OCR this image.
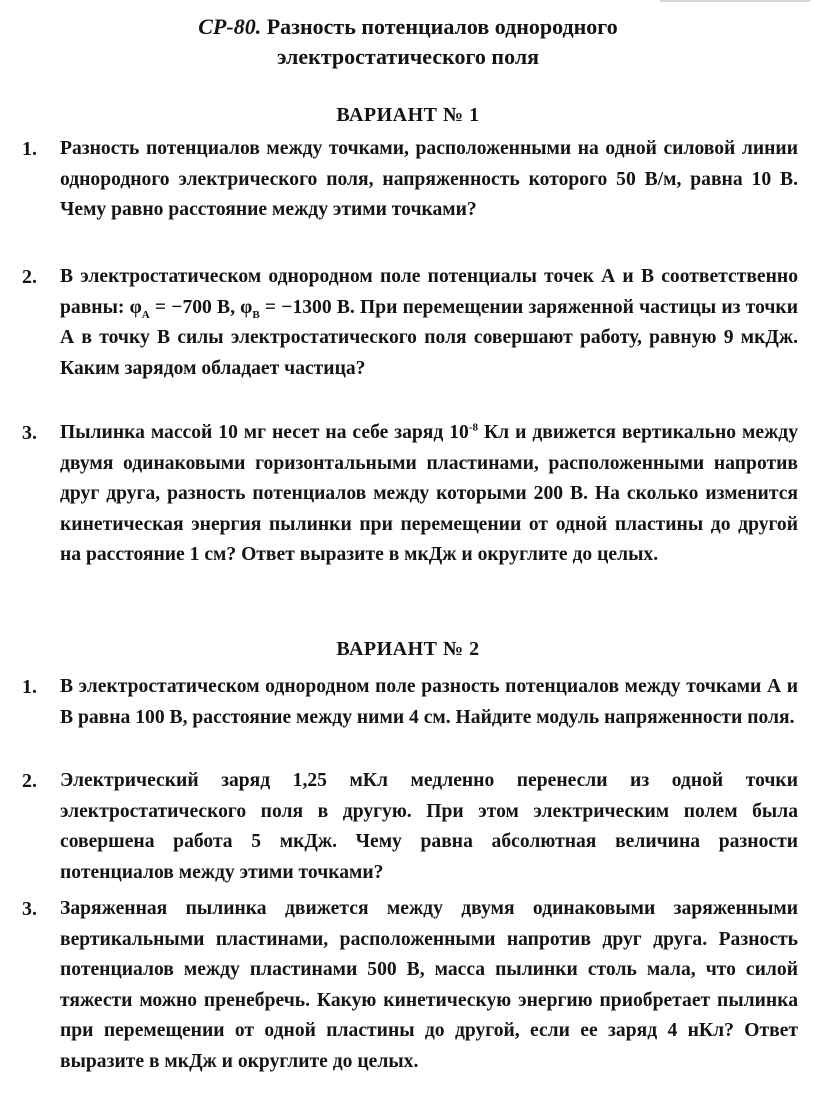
СР-80. Разность потенциалов однородного
электростатического поля
ВАРИАНТ № 1
1. Разность потенциалов между точками, расположенными на одной силовой линии однородного электрического поля, напряженность которого 50 В/м, равна 10 В. Чему равно расстояние между этими точками?

2. В электростатическом однородном поле потенциалы точек А и В соответственно равны: $\varphi_A = -700$ В, $\varphi_B = -1300$ В. При перемещении заряженной частицы из точки А в точку В силы электростатического поля совершают работу, равную 9 мкДж. Каким зарядом обладает частица?

3. Пылинка массой 10 мг несет на себе заряд $10^{-8}$ Кл и движется вертикально между двумя одинаковыми горизонтальными пластинами, расположенными напротив друг друга, разность потенциалов между которыми 200 В. На сколько изменится кинетическая энергия пылинки при перемещении от одной пластины до другой на расстояние 1 см? Ответ выразите в мкДж и округлите до целых.

ВАРИАНТ № 2
1. В электростатическом однородном поле разность потенциалов между точками А и В равна 100 В, расстояние между ними 4 см. Найдите модуль напряженности поля.

2. Электрический заряд 1,25 мКл медленно перенесли из одной точки электростатического поля в другую. При этом электрическим полем была совершена работа 5 мкДж. Чему равна абсолютная величина разности потенциалов между этими точками?

3. Заряженная пылинка движется между двумя одинаковыми заряженными вертикальными пластинами, расположенными напротив друг друга. Разность потенциалов между пластинами 500 В, масса пылинки столь мала, что силой тяжести можно пренебречь. Какую кинетическую энергию приобретает пылинка при перемещении от одной пластины до другой, если ее заряд 4 нКл? Ответ выразите в мкДж и округлите до целых.
